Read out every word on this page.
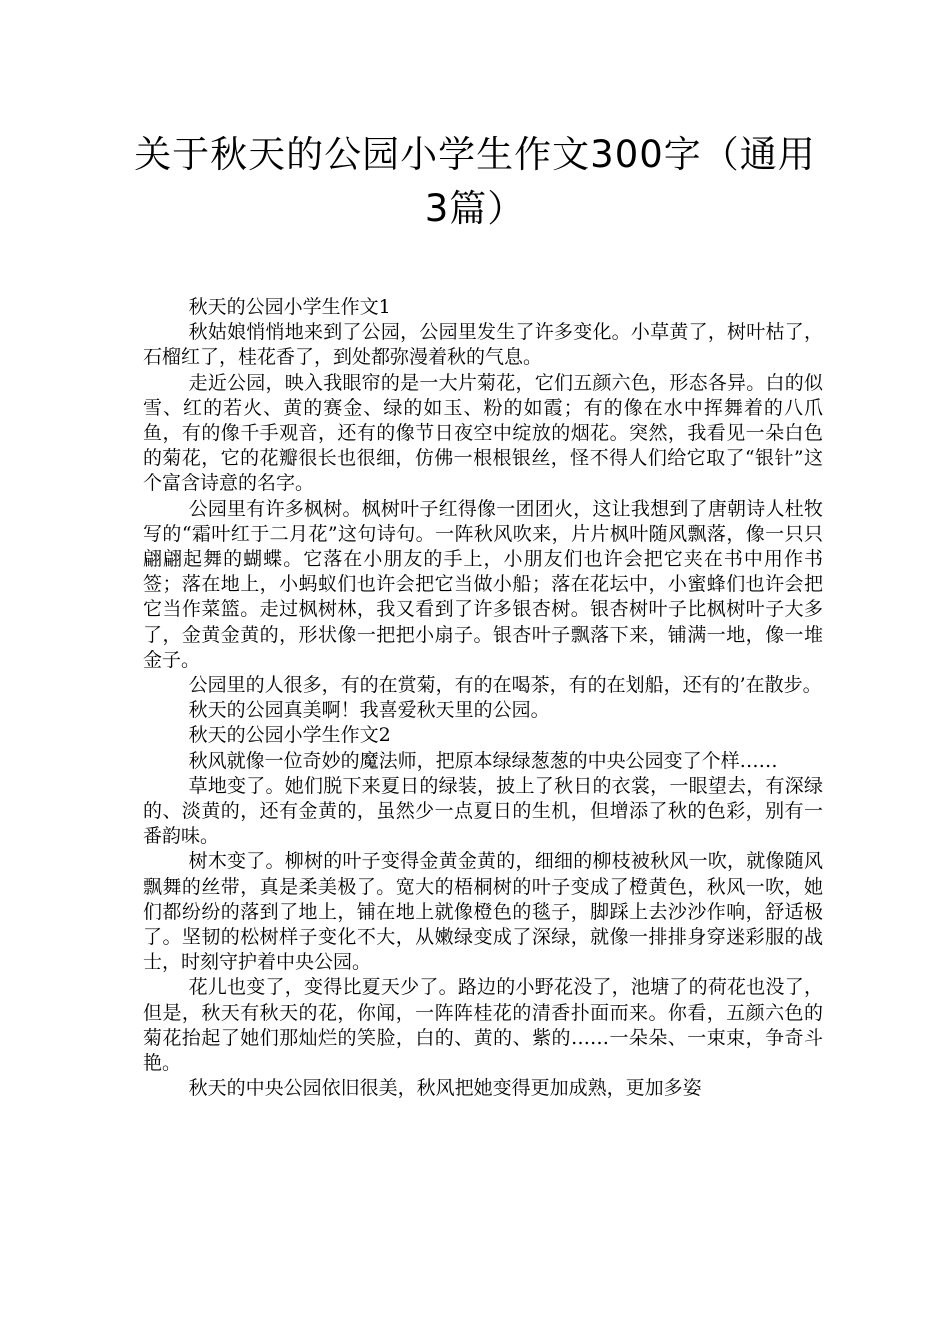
关于秋天的公园小学生作文300字（通用3篇）

秋天的公园小学生作文1

秋姑娘悄悄地来到了公园，公园里发生了许多变化。小草黄了，树叶枯了，石榴红了，桂花香了，到处都弥漫着秋的气息。

走近公园，映入我眼帘的是一大片菊花，它们五颜六色，形态各异。白的似雪、红的若火、黄的赛金、绿的如玉、粉的如霞；有的像在水中挥舞着的八爪鱼，有的像千手观音，还有的像节日夜空中绽放的烟花。突然，我看见一朵白色的菊花，它的花瓣很长也很细，仿佛一根根银丝，怪不得人们给它取了“银针”这个富含诗意的名字。

公园里有许多枫树。枫树叶子红得像一团团火，这让我想到了唐朝诗人杜牧写的“霜叶红于二月花”这句诗句。一阵秋风吹来，片片枫叶随风飘落，像一只只翩翩起舞的蝴蝶。它落在小朋友的手上，小朋友们也许会把它夹在书中用作书签；落在地上，小蚂蚁们也许会把它当做小船；落在花坛中，小蜜蜂们也许会把它当作菜篮。走过枫树林，我又看到了许多银杏树。银杏树叶子比枫树叶子大多了，金黄金黄的，形状像一把把小扇子。银杏叶子飘落下来，铺满一地，像一堆金子。

公园里的人很多，有的在赏菊，有的在喝茶，有的在划船，还有的’在散步。

秋天的公园真美啊！我喜爱秋天里的公园。

秋天的公园小学生作文2

秋风就像一位奇妙的魔法师，把原本绿绿葱葱的中央公园变了个样……

草地变了。她们脱下来夏日的绿装，披上了秋日的衣裳，一眼望去，有深绿的、淡黄的，还有金黄的，虽然少一点夏日的生机，但增添了秋的色彩，别有一番韵味。

树木变了。柳树的叶子变得金黄金黄的，细细的柳枝被秋风一吹，就像随风飘舞的丝带，真是柔美极了。宽大的梧桐树的叶子变成了橙黄色，秋风一吹，她们都纷纷的落到了地上，铺在地上就像橙色的毯子，脚踩上去沙沙作响，舒适极了。坚韧的松树样子变化不大，从嫩绿变成了深绿，就像一排排身穿迷彩服的战士，时刻守护着中央公园。

花儿也变了，变得比夏天少了。路边的小野花没了，池塘了的荷花也没了，但是，秋天有秋天的花，你闻，一阵阵桂花的清香扑面而来。你看，五颜六色的菊花抬起了她们那灿烂的笑脸，白的、黄的、紫的……一朵朵、一束束，争奇斗艳。

秋天的中央公园依旧很美，秋风把她变得更加成熟，更加多姿
